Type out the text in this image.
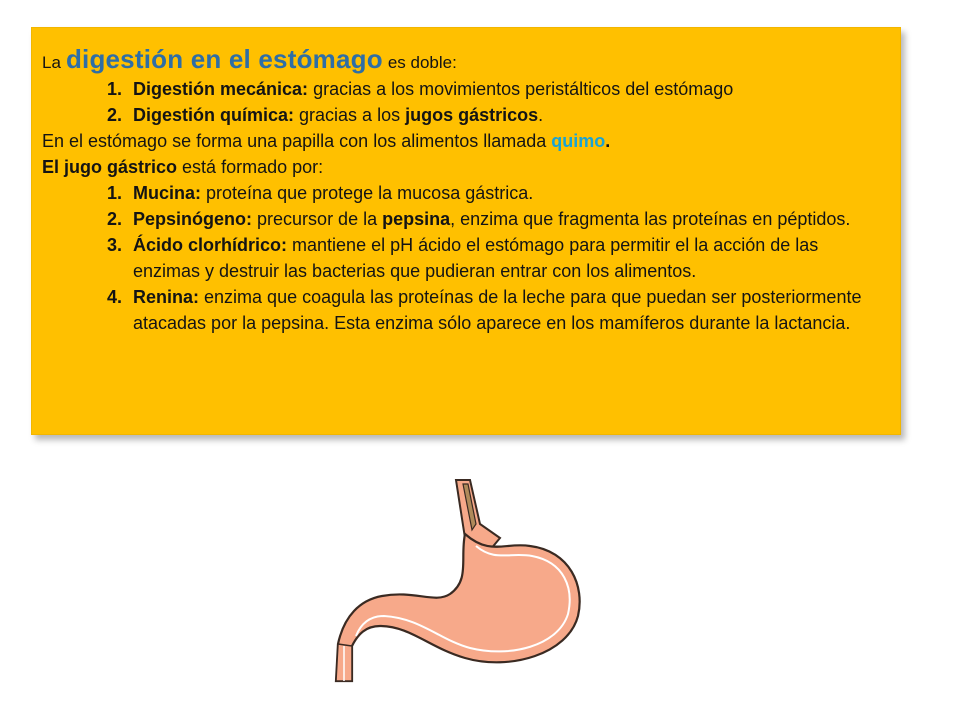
La digestión en el estómago es doble:

1. Digestión mecánica: gracias a los movimientos peristálticos del estómago
2. Digestión química: gracias a los jugos gástricos.

En el estómago se forma una papilla con los alimentos llamada quimo.

El jugo gástrico está formado por:

1. Mucina: proteína que protege la mucosa gástrica.
2. Pepsinógeno: precursor de la pepsina, enzima que fragmenta las proteínas en péptidos.
3. Ácido clorhídrico: mantiene el pH ácido el estómago para permitir el la acción de las enzimas y destruir las bacterias que pudieran entrar con los alimentos.
4. Renina: enzima que coagula las proteínas de la leche para que puedan ser posteriormente atacadas por la pepsina. Esta enzima sólo aparece en los mamíferos durante la lactancia.
